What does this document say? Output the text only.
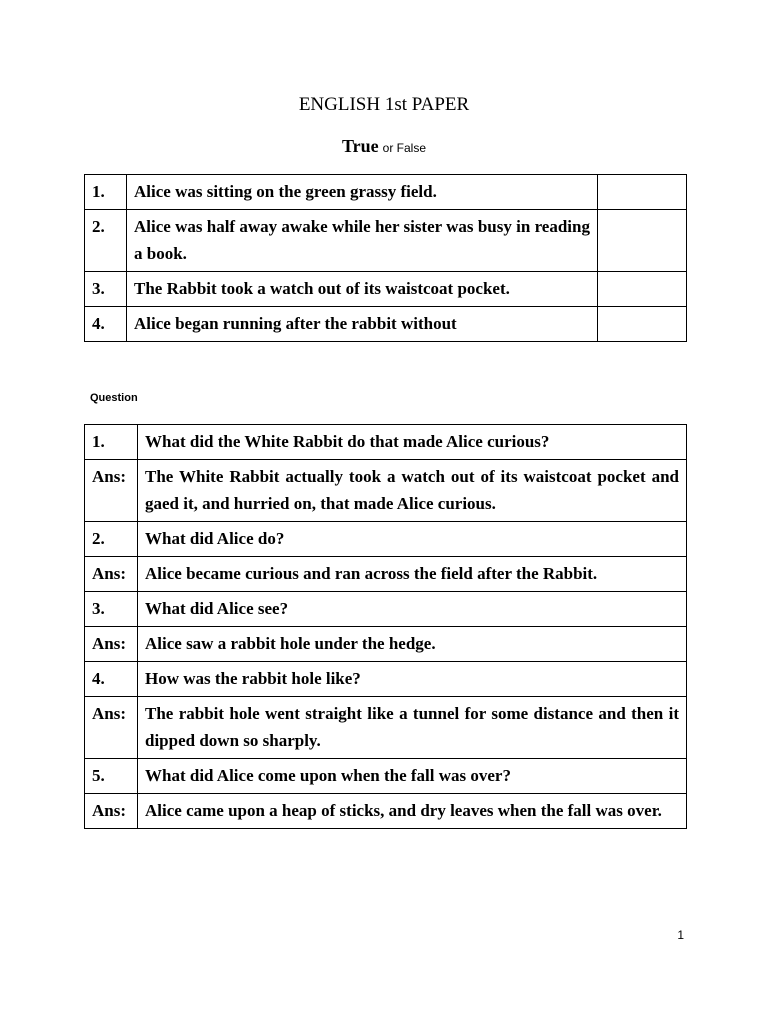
ENGLISH 1st PAPER

True or False

1.	Alice was sitting on the green grassy field.	
2.	Alice was half away awake while her sister was busy in reading a book.	
3.	The Rabbit took a watch out of its waistcoat pocket.	
4.	Alice began running after the rabbit without	

Question

1.	What did the White Rabbit do that made Alice curious?
Ans:	The White Rabbit actually took a watch out of its waistcoat pocket and gaed it, and hurried on, that made Alice curious.
2.	What did Alice do?
Ans:	Alice became curious and ran across the field after the Rabbit.
3.	What did Alice see?
Ans:	Alice saw a rabbit hole under the hedge.
4.	How was the rabbit hole like?
Ans:	The rabbit hole went straight like a tunnel for some distance and then it dipped down so sharply.
5.	What did Alice come upon when the fall was over?
Ans:	Alice came upon a heap of sticks, and dry leaves when the fall was over.
1
